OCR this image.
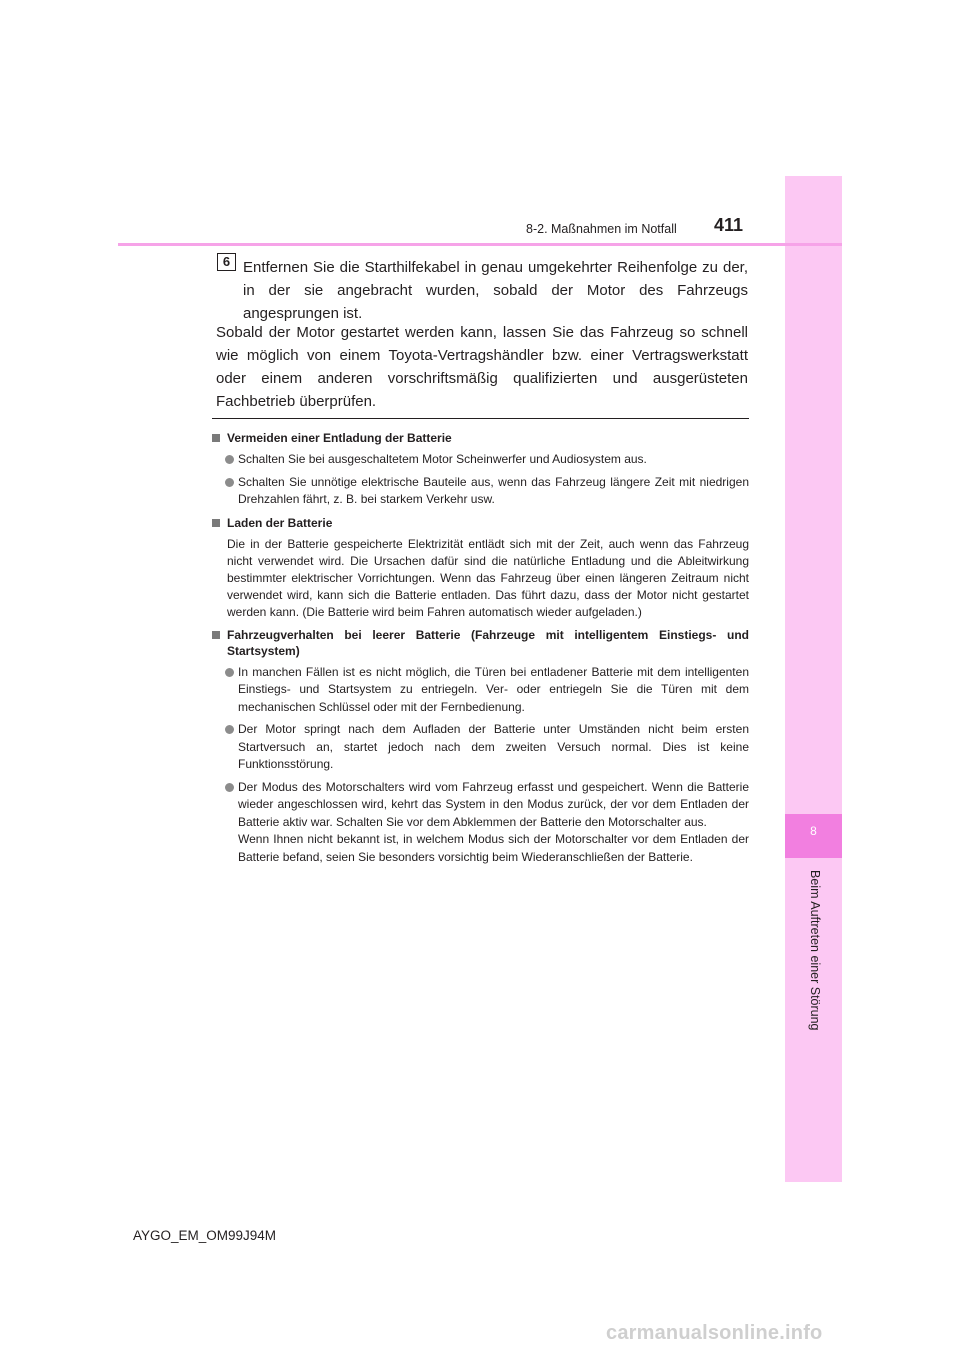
8
Beim Auftreten einer Störung
8-2. Maßnahmen im Notfall 411
6 Entfernen Sie die Starthilfekabel in genau umgekehrter Reihenfolge zu der, in der sie angebracht wurden, sobald der Motor des Fahrzeugs angesprungen ist.
Sobald der Motor gestartet werden kann, lassen Sie das Fahrzeug so schnell wie möglich von einem Toyota-Vertragshändler bzw. einer Vertragswerkstatt oder einem anderen vorschriftsmäßig qualifizierten und ausgerüsteten Fachbetrieb überprüfen.
Vermeiden einer Entladung der Batterie
Schalten Sie bei ausgeschaltetem Motor Scheinwerfer und Audiosystem aus.
Schalten Sie unnötige elektrische Bauteile aus, wenn das Fahrzeug längere Zeit mit niedrigen Drehzahlen fährt, z. B. bei starkem Verkehr usw.
Laden der Batterie
Die in der Batterie gespeicherte Elektrizität entlädt sich mit der Zeit, auch wenn das Fahrzeug nicht verwendet wird. Die Ursachen dafür sind die natürliche Entladung und die Ableitwirkung bestimmter elektrischer Vorrichtungen. Wenn das Fahrzeug über einen längeren Zeitraum nicht verwendet wird, kann sich die Batterie entladen. Das führt dazu, dass der Motor nicht gestartet werden kann. (Die Batterie wird beim Fahren automatisch wieder aufgeladen.)
Fahrzeugverhalten bei leerer Batterie (Fahrzeuge mit intelligentem Einstiegs- und Startsystem)
In manchen Fällen ist es nicht möglich, die Türen bei entladener Batterie mit dem intelligenten Einstiegs- und Startsystem zu entriegeln. Ver- oder entriegeln Sie die Türen mit dem mechanischen Schlüssel oder mit der Fernbedienung.
Der Motor springt nach dem Aufladen der Batterie unter Umständen nicht beim ersten Startversuch an, startet jedoch nach dem zweiten Versuch normal. Dies ist keine Funktionsstörung.
Der Modus des Motorschalters wird vom Fahrzeug erfasst und gespeichert. Wenn die Batterie wieder angeschlossen wird, kehrt das System in den Modus zurück, der vor dem Entladen der Batterie aktiv war. Schalten Sie vor dem Abklemmen der Batterie den Motorschalter aus.
Wenn Ihnen nicht bekannt ist, in welchem Modus sich der Motorschalter vor dem Entladen der Batterie befand, seien Sie besonders vorsichtig beim Wiederanschließen der Batterie.
AYGO_EM_OM99J94M
carmanualsonline.info
